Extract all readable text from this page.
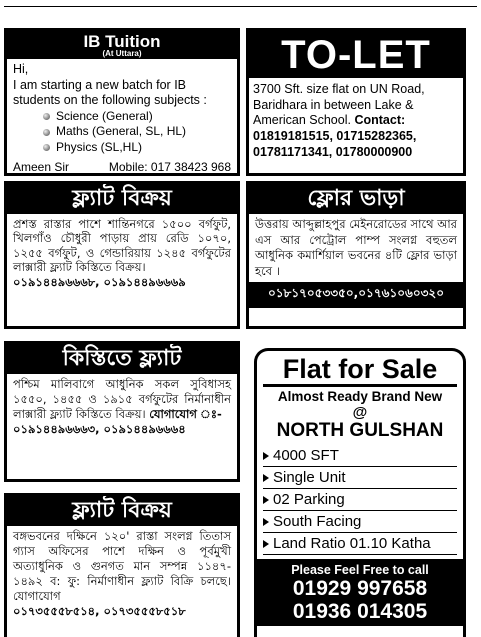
IB Tuition
(At Uttara)
Hi,
I am starting a new batch for IB students on the following subjects :
Science (General)
Maths (General, SL, HL)
Physics (SL,HL)
Ameen Sir	Mobile: 017 38423 968
TO-LET
3700 Sft. size flat on UN Road, Baridhara in between Lake & American School. Contact: 01819181515, 01715282365, 01781171341, 01780000900
ফ্ল্যাট বিক্রয়
প্রশস্ত রাস্তার পাশে শান্তিনগরে ১৫০০ বর্গফুট, খিলগাঁও চৌধুরী পাড়ায় প্রায় রেডি ১০৭০, ১২৫৫ বর্গফুট, ও গেন্ডারিয়ায় ১২৪৫ বর্গফুটের লাক্সারী ফ্ল্যাট কিস্তিতে বিক্রয়।
০১৯১৪৪৯৬৬৬৮, ০১৯১৪৪৯৬৬৬৯
ফ্লোর ভাড়া
উত্তরায় আব্দুল্লাহপুর মেইনরোডের সাথে আর এস আর পেট্রোল পাম্প সংলগ্ন বহুতল আধুনিক কমার্শিয়াল ভবনের ৪টি ফ্লোর ভাড়া হবে ।
০১৮১৭০৫৩৩৫০,০১৭৬১০৬০৩২০
কিস্তিতে ফ্ল্যাট
পশ্চিম মালিবাগে আধুনিক সকল সুবিধাসহ ১৫৫০, ১৪৫৫ ও ১৯১৫ বর্গফুটের নির্মানাধীন লাক্সারী ফ্ল্যাট কিস্তিতে বিক্রয়। যোগাযোগ ঃ-
০১৯১৪৪৯৬৬৬৩, ০১৯১৪৪৯৬৬৬৪
ফ্ল্যাট বিক্রয়
বঙ্গভবনের দক্ষিনে ১২০' রাস্তা সংলগ্ন তিতাস গ্যাস অফিসের পাশে দক্ষিন ও পূর্বমুখী অত্যাধুনিক ও গুনগত মান সম্পন্ন ১১৪৭- ১৪৯২ ব: ফু: নির্মাণাধীন ফ্ল্যাট বিক্রি চলছে। যোগাযোগ
০১৭৩৫৫৫৮৫১৪, ০১৭৩৫৫৫৮৫১৮
Flat for Sale
Almost Ready Brand New
@
NORTH GULSHAN
4000 SFT
Single Unit
02 Parking
South Facing
Land Ratio 01.10 Katha
Please Feel Free to call
01929 997658
01936 014305
